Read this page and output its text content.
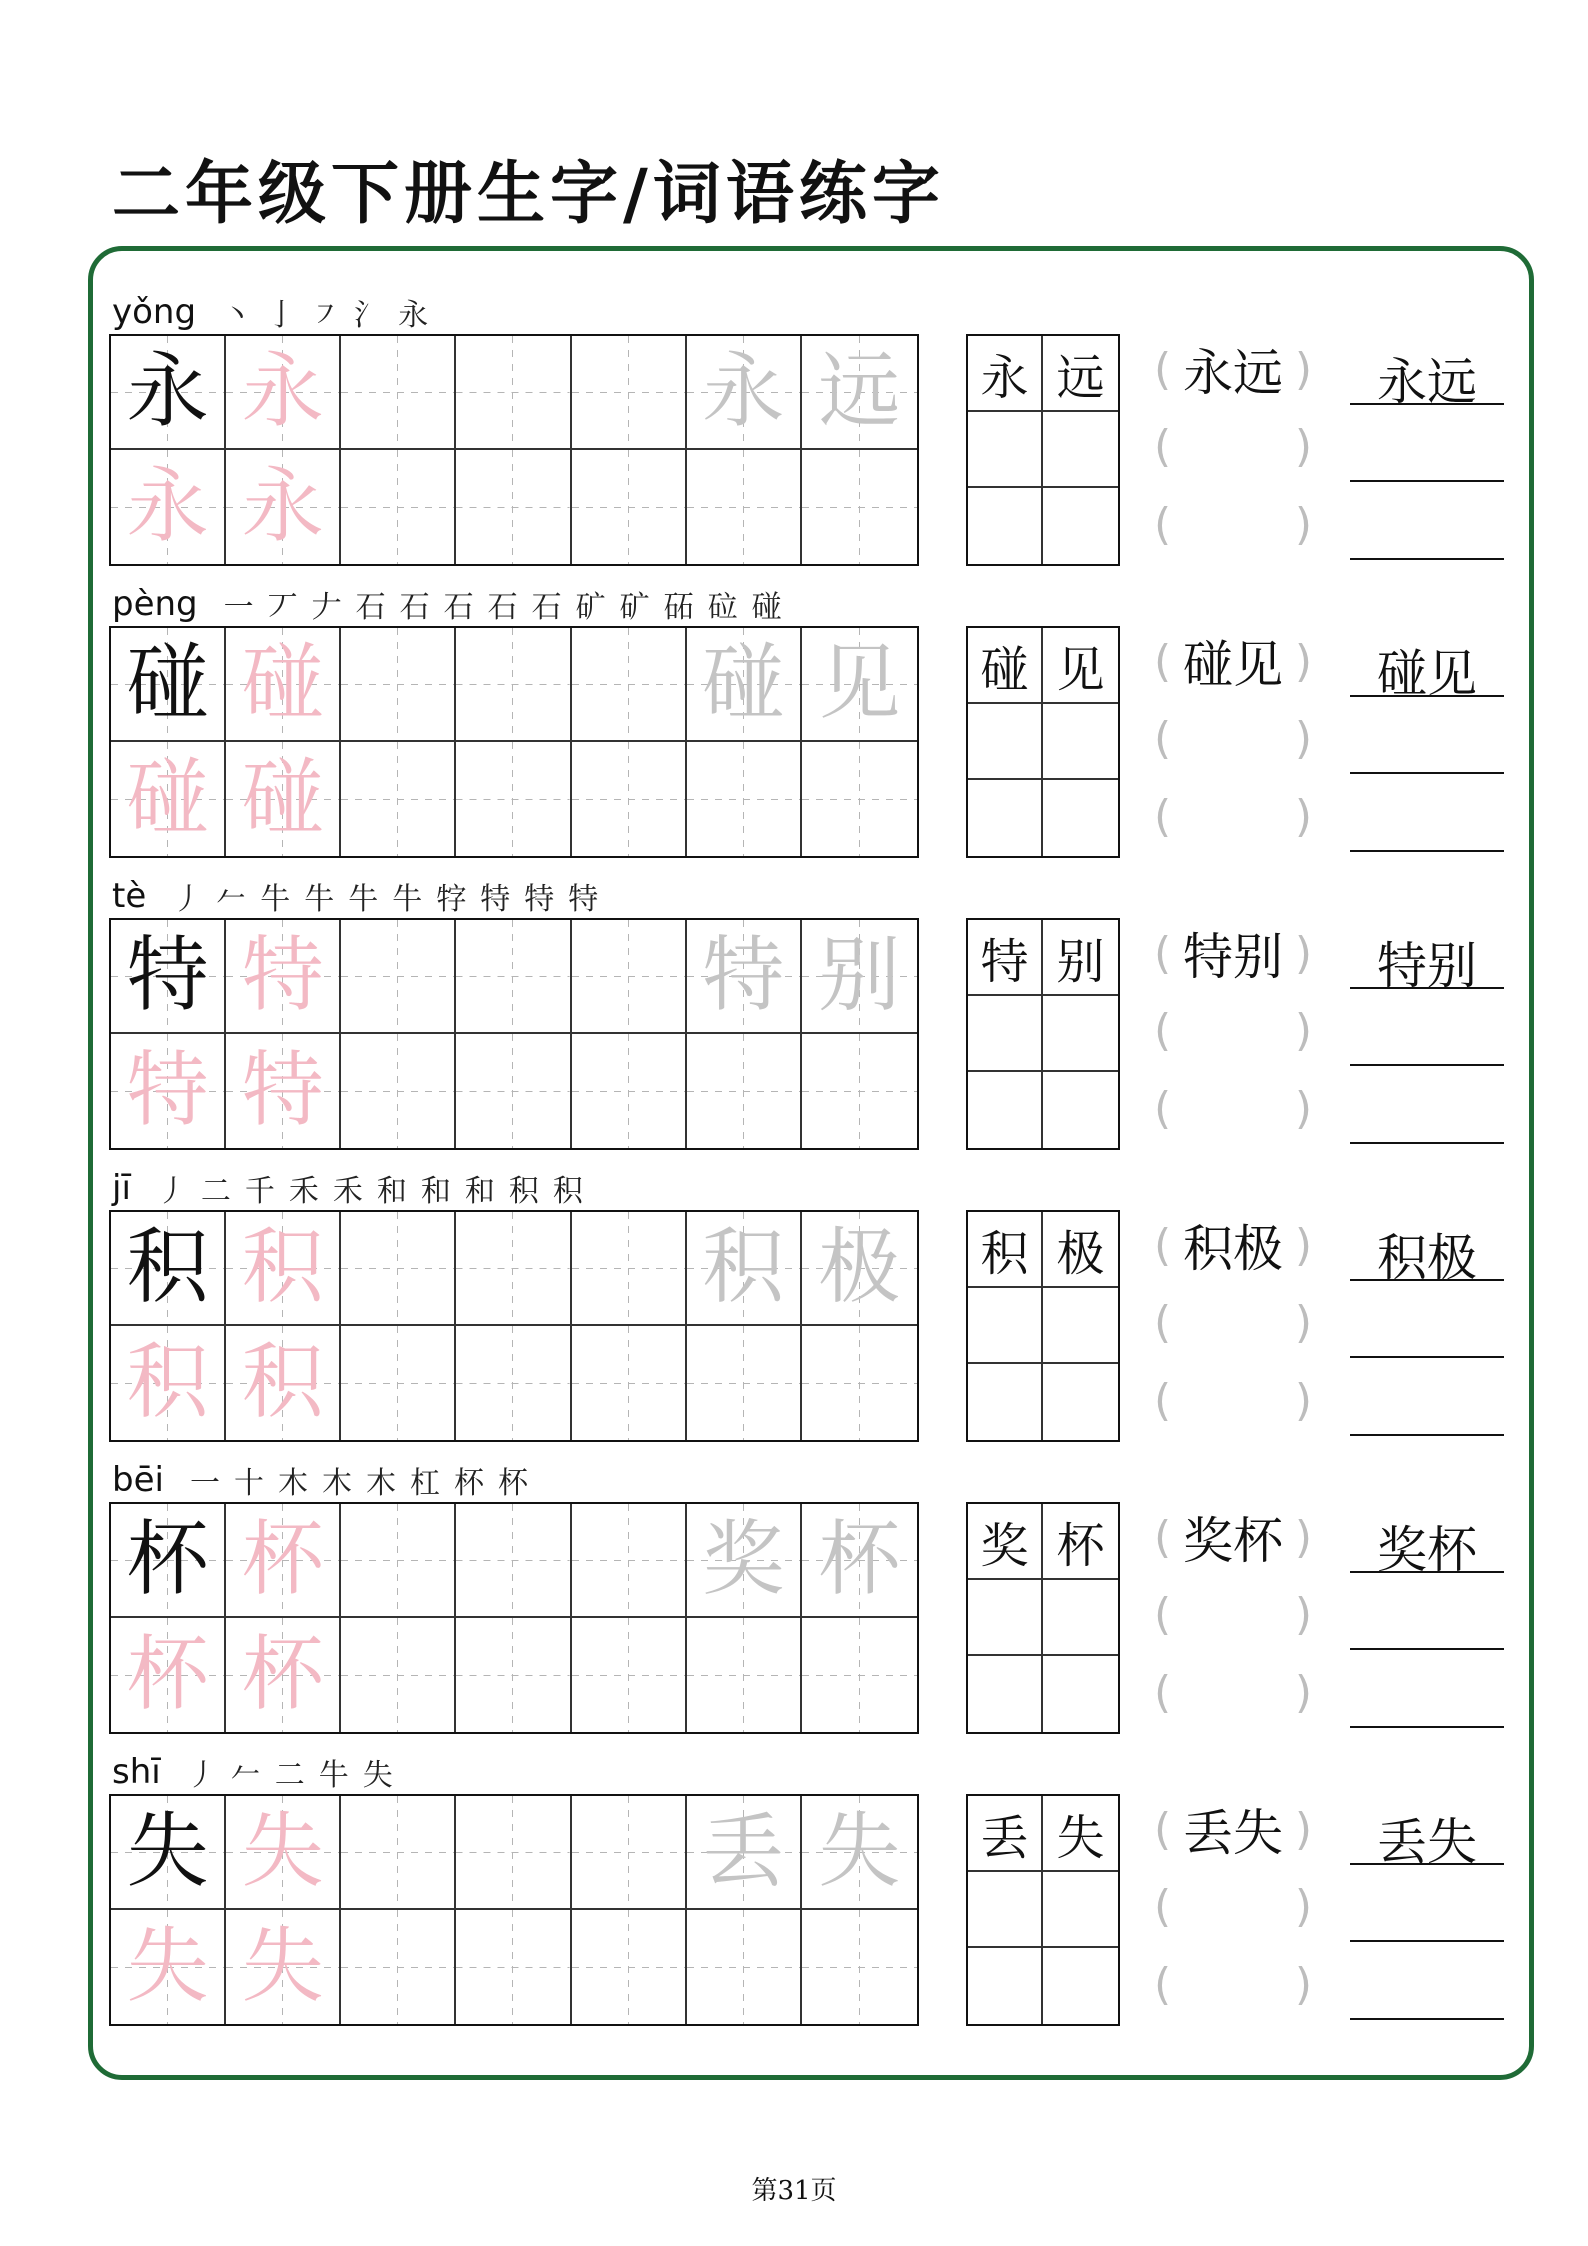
二年级下册生字/词语练字
yǒng 丶 亅 ㇇ 氵 永
永 永	永 远
永 永
永 远	( 永远 ) 永远
(	)
(	)
pèng 一 丆 𠂇 石 石 石 石 石 矿 矿 砳 砬 碰
碰 碰	碰 见
碰 碰
碰 见	( 碰见 ) 碰见
(	)
(	)
tè 丿 𠂉 牛 牛 牛 牛 牸 特 特 特
特 特	特 别
特 特
特 别	( 特别 ) 特别
(	)
(	)
jī 丿 二 千 禾 禾 和 和 和 积 积
积 积	积 极
积 积
积 极	( 积极 ) 积极
(	)
(	)
bēi 一 十 木 木 木 杠 杯 杯
杯 杯	奖 杯
杯 杯
奖 杯	( 奖杯 ) 奖杯
(	)
(	)
shī 丿 𠂉 二 牛 失
失 失	丢 失
失 失
丢 失	( 丢失 ) 丢失
(	)
(	)

第31页
